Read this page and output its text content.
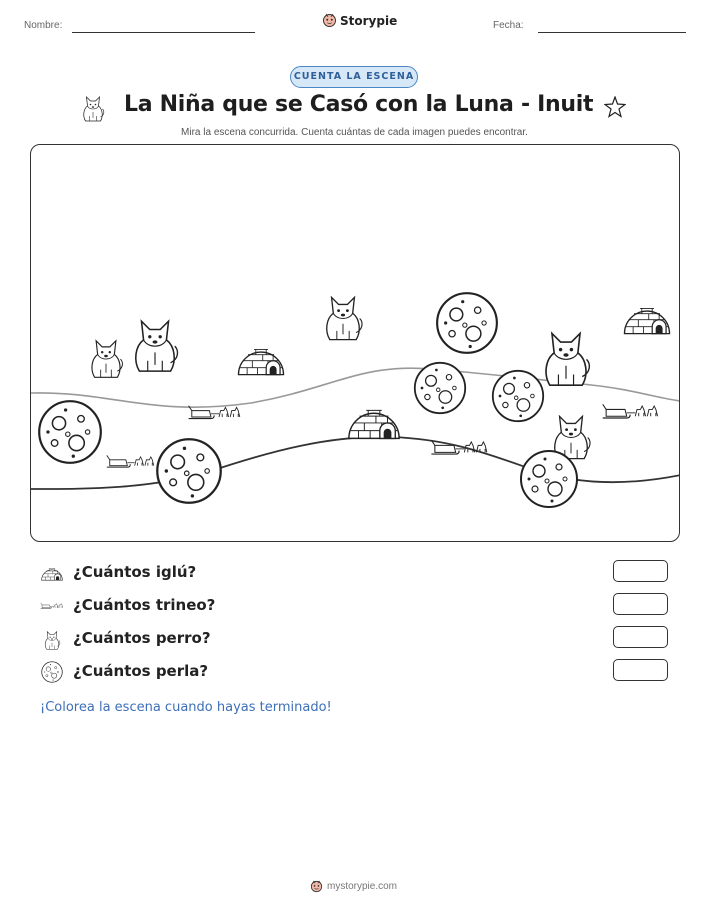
Nombre:	Storypie	Fecha:
CUENTA LA ESCENA
La Niña que se Casó con la Luna - Inuit
Mira la escena concurrida. Cuenta cuántas de cada imagen puedes encontrar.
¿Cuántos iglú?
¿Cuántos trineo?
¿Cuántos perro?
¿Cuántos perla?
¡Colorea la escena cuando hayas terminado!
mystorypie.com
